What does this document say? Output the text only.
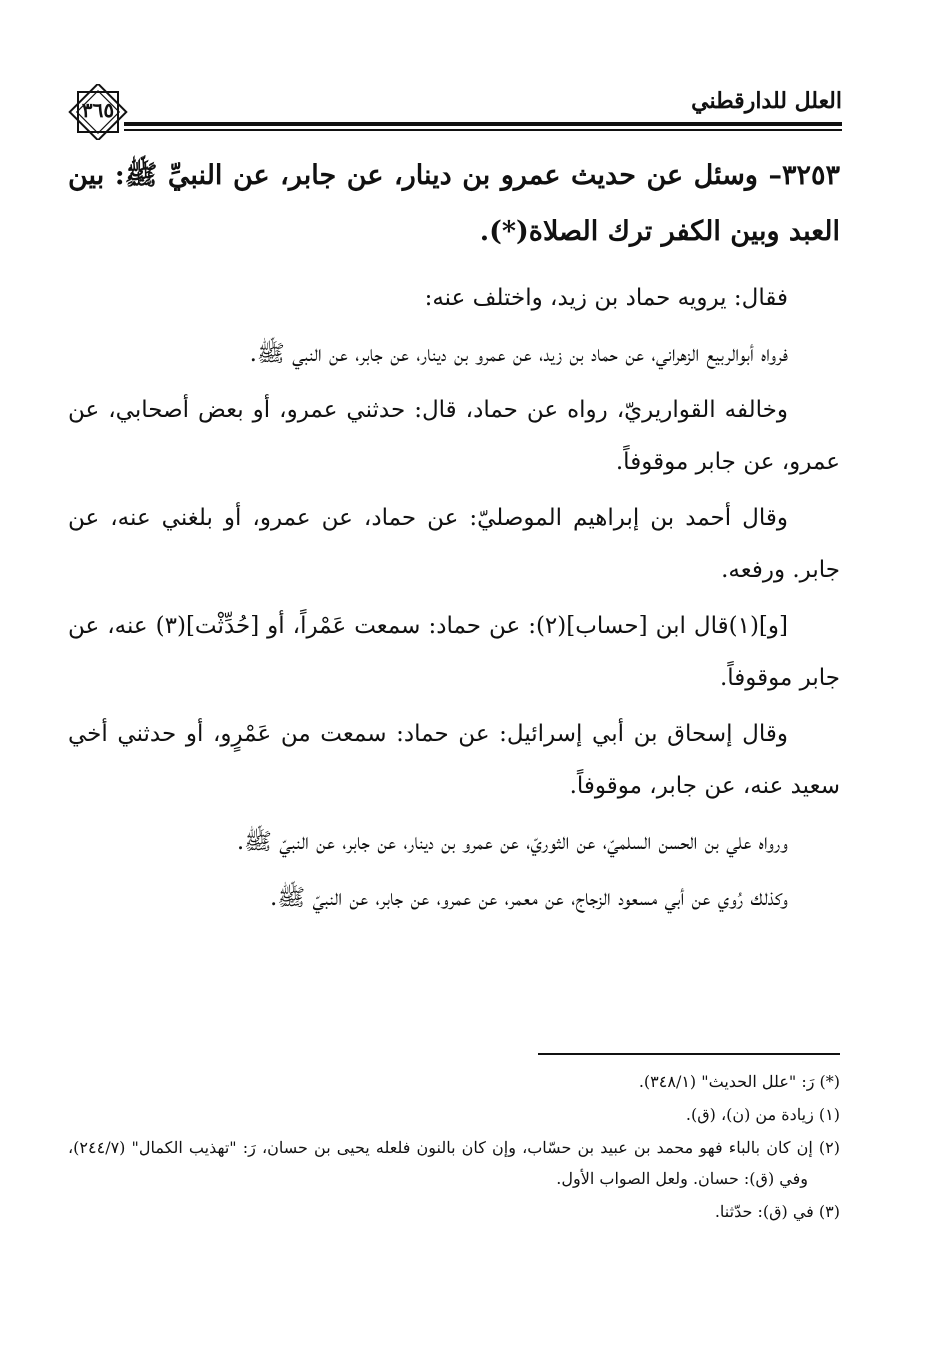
٣٦٥	العلل للدارقطني

٣٢٥٣– وسئل عن حديث عمرو بن دينار، عن جابر، عن النبيِّ ﷺ: بين العبد وبين الكفر ترك الصلاة(*).

فقال: يرويه حماد بن زيد، واختلف عنه:

فرواه أبوالربيع الزهراني، عن حماد بن زيد، عن عمرو بن دينار، عن جابر، عن النبي ﷺ.

وخالفه القواريريّ، رواه عن حماد، قال: حدثني عمرو، أو بعض أصحابي، عن عمرو، عن جابر موقوفاً.

وقال أحمد بن إبراهيم الموصليّ: عن حماد، عن عمرو، أو بلغني عنه، عن جابر. ورفعه.

[و](١)قال ابن [حساب](٢): عن حماد: سمعت عَمْراً، أو [حُدِّثْت](٣) عنه، عن جابر موقوفاً.

وقال إسحاق بن أبي إسرائيل: عن حماد: سمعت من عَمْرٍو، أو حدثني أخي سعيد عنه، عن جابر، موقوفاً.

ورواه علي بن الحسن السلميّ، عن الثوريّ، عن عمرو بن دينار، عن جابر، عن النبيّ ﷺ.

وكذلك رُوي عن أبي مسعود الزجاج، عن معمر، عن عمرو، عن جابر، عن النبيّ ﷺ.

(*) رَ: "علل الحديث" (٣٤٨/١).

(١) زيادة من (ن)، (ق).

(٢) إن كان بالباء فهو محمد بن عبيد بن حسّاب، وإن كان بالنون فلعله يحيى بن حسان، رَ: "تهذيب الكمال" (٢٤٤/٧)، وفي (ق): حسان. ولعل الصواب الأول.

(٣) في (ق): حدّثنا.
